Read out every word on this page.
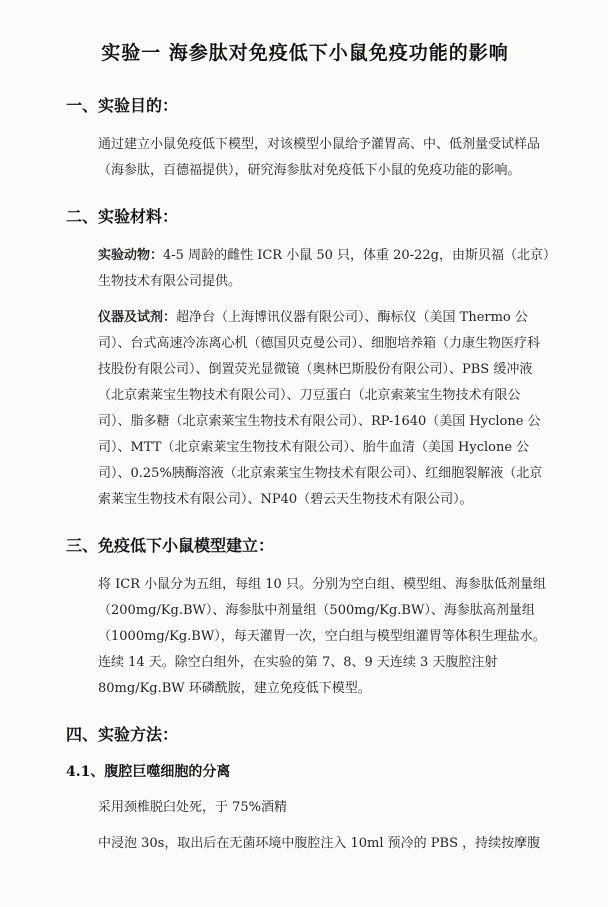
实验一 海参肽对免疫低下小鼠免疫功能的影响
一、实验目的：
通过建立小鼠免疫低下模型，对该模型小鼠给予灌胃高、中、低剂量受试样品（海参肽，百德福提供），研究海参肽对免疫低下小鼠的免疫功能的影响。
二、实验材料：
实验动物：4-5 周龄的雌性 ICR 小鼠 50 只，体重 20-22g，由斯贝福（北京）生物技术有限公司提供。
仪器及试剂：超净台（上海博讯仪器有限公司）、酶标仪（美国 Thermo 公司）、台式高速冷冻离心机（德国贝克曼公司）、细胞培养箱（力康生物医疗科技股份有限公司）、倒置荧光显微镜（奥林巴斯股份有限公司）、PBS 缓冲液（北京索莱宝生物技术有限公司）、刀豆蛋白（北京索莱宝生物技术有限公司）、脂多糖（北京索莱宝生物技术有限公司）、RP-1640（美国 Hyclone 公司）、MTT（北京索莱宝生物技术有限公司）、胎牛血清（美国 Hyclone 公司）、0.25%胰酶溶液（北京索莱宝生物技术有限公司）、红细胞裂解液（北京索莱宝生物技术有限公司）、NP40（碧云天生物技术有限公司）。
三、免疫低下小鼠模型建立：
将 ICR 小鼠分为五组，每组 10 只。分别为空白组、模型组、海参肽低剂量组（200mg/Kg.BW）、海参肽中剂量组（500mg/Kg.BW）、海参肽高剂量组（1000mg/Kg.BW），每天灌胃一次，空白组与模型组灌胃等体积生理盐水。连续 14 天。除空白组外，在实验的第 7、8、9 天连续 3 天腹腔注射 80mg/Kg.BW 环磷酰胺，建立免疫低下模型。
四、实验方法：
4.1、腹腔巨噬细胞的分离
采用颈椎脱臼处死，于 75%酒精
中浸泡 30s，取出后在无菌环境中腹腔注入 10ml 预冷的 PBS ，持续按摩腹
